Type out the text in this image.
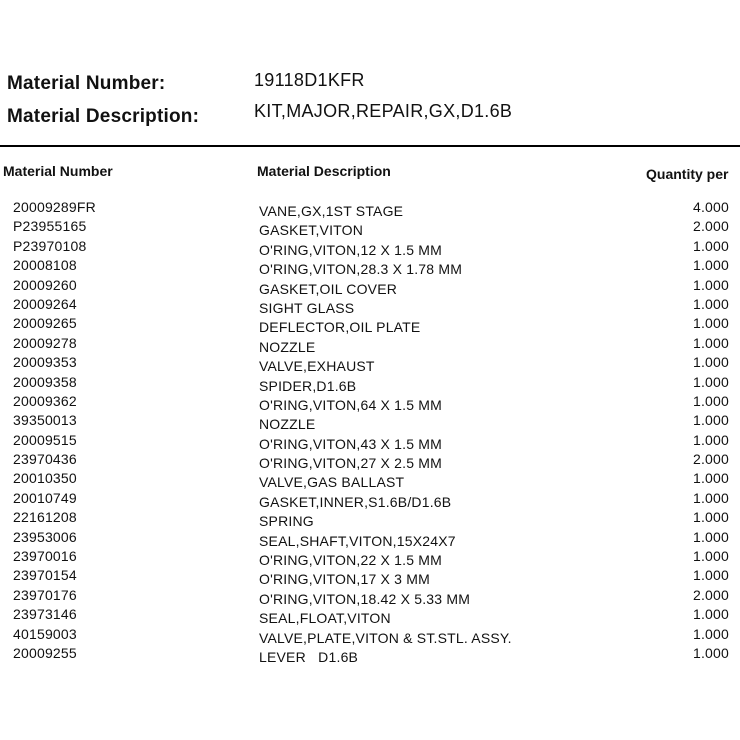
Material Number:	19118D1KFR
Material Description:	KIT,MAJOR,REPAIR,GX,D1.6B
Material Number	Material Description	Quantity per
20009289FR	VANE,GX,1ST STAGE	4.000
P23955165	GASKET,VITON	2.000
P23970108	O'RING,VITON,12 X 1.5 MM	1.000
20008108	O'RING,VITON,28.3 X 1.78 MM	1.000
20009260	GASKET,OIL COVER	1.000
20009264	SIGHT GLASS	1.000
20009265	DEFLECTOR,OIL PLATE	1.000
20009278	NOZZLE	1.000
20009353	VALVE,EXHAUST	1.000
20009358	SPIDER,D1.6B	1.000
20009362	O'RING,VITON,64 X 1.5 MM	1.000
39350013	NOZZLE	1.000
20009515	O'RING,VITON,43 X 1.5 MM	1.000
23970436	O'RING,VITON,27 X 2.5 MM	2.000
20010350	VALVE,GAS BALLAST	1.000
20010749	GASKET,INNER,S1.6B/D1.6B	1.000
22161208	SPRING	1.000
23953006	SEAL,SHAFT,VITON,15X24X7	1.000
23970016	O'RING,VITON,22 X 1.5 MM	1.000
23970154	O'RING,VITON,17 X 3 MM	1.000
23970176	O'RING,VITON,18.42 X 5.33 MM	2.000
23973146	SEAL,FLOAT,VITON	1.000
40159003	VALVE,PLATE,VITON & ST.STL. ASSY.	1.000
20009255	LEVER   D1.6B	1.000
